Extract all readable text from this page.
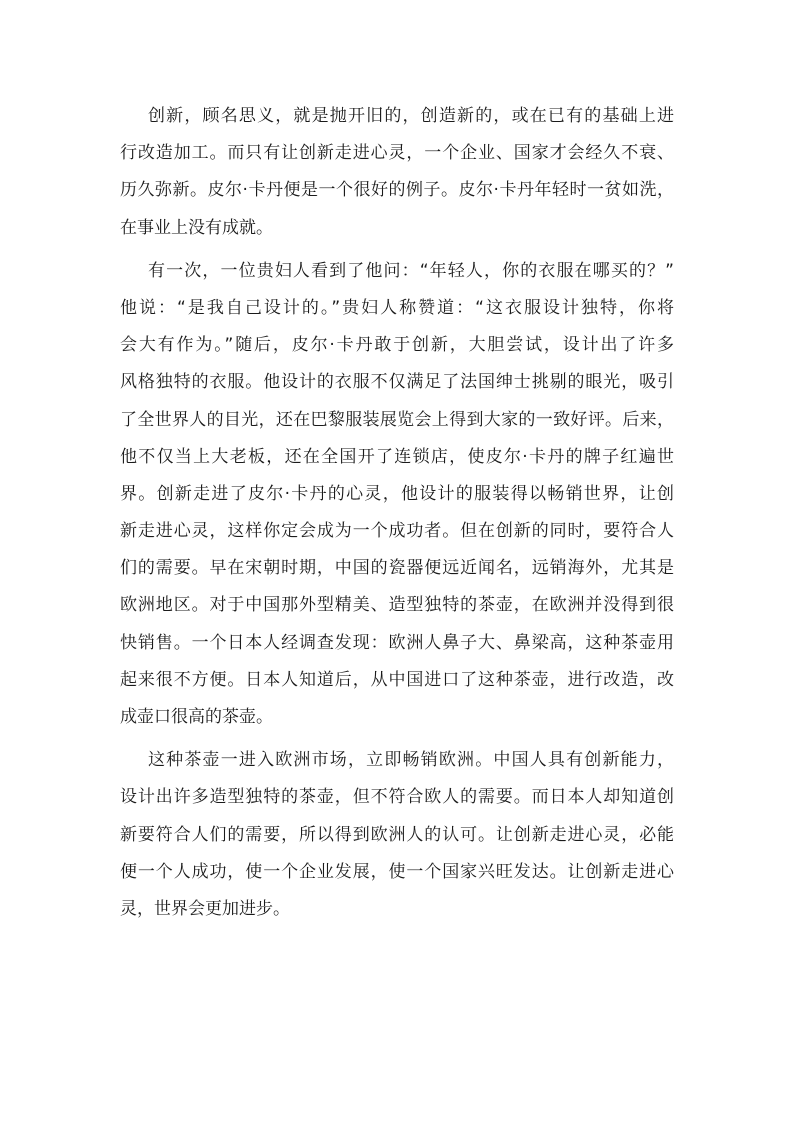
创新，顾名思义，就是抛开旧的，创造新的，或在已有的基础上进
行改造加工。而只有让创新走进心灵，一个企业、国家才会经久不衰、
历久弥新。皮尔·卡丹便是一个很好的例子。皮尔·卡丹年轻时一贫如洗，
在事业上没有成就。
有一次，一位贵妇人看到了他问：“年轻人，你的衣服在哪买的？”
他说：“是我自己设计的。”贵妇人称赞道：“这衣服设计独特，你将
会大有作为。”随后，皮尔·卡丹敢于创新，大胆尝试，设计出了许多
风格独特的衣服。他设计的衣服不仅满足了法国绅士挑剔的眼光，吸引
了全世界人的目光，还在巴黎服装展览会上得到大家的一致好评。后来，
他不仅当上大老板，还在全国开了连锁店，使皮尔·卡丹的牌子红遍世
界。创新走进了皮尔·卡丹的心灵，他设计的服装得以畅销世界，让创
新走进心灵，这样你定会成为一个成功者。但在创新的同时，要符合人
们的需要。早在宋朝时期，中国的瓷器便远近闻名，远销海外，尤其是
欧洲地区。对于中国那外型精美、造型独特的茶壶，在欧洲并没得到很
快销售。一个日本人经调查发现：欧洲人鼻子大、鼻梁高，这种茶壶用
起来很不方便。日本人知道后，从中国进口了这种茶壶，进行改造，改
成壶口很高的茶壶。
这种茶壶一进入欧洲市场，立即畅销欧洲。中国人具有创新能力，
设计出许多造型独特的茶壶，但不符合欧人的需要。而日本人却知道创
新要符合人们的需要，所以得到欧洲人的认可。让创新走进心灵，必能
便一个人成功，使一个企业发展，使一个国家兴旺发达。让创新走进心
灵，世界会更加进步。
